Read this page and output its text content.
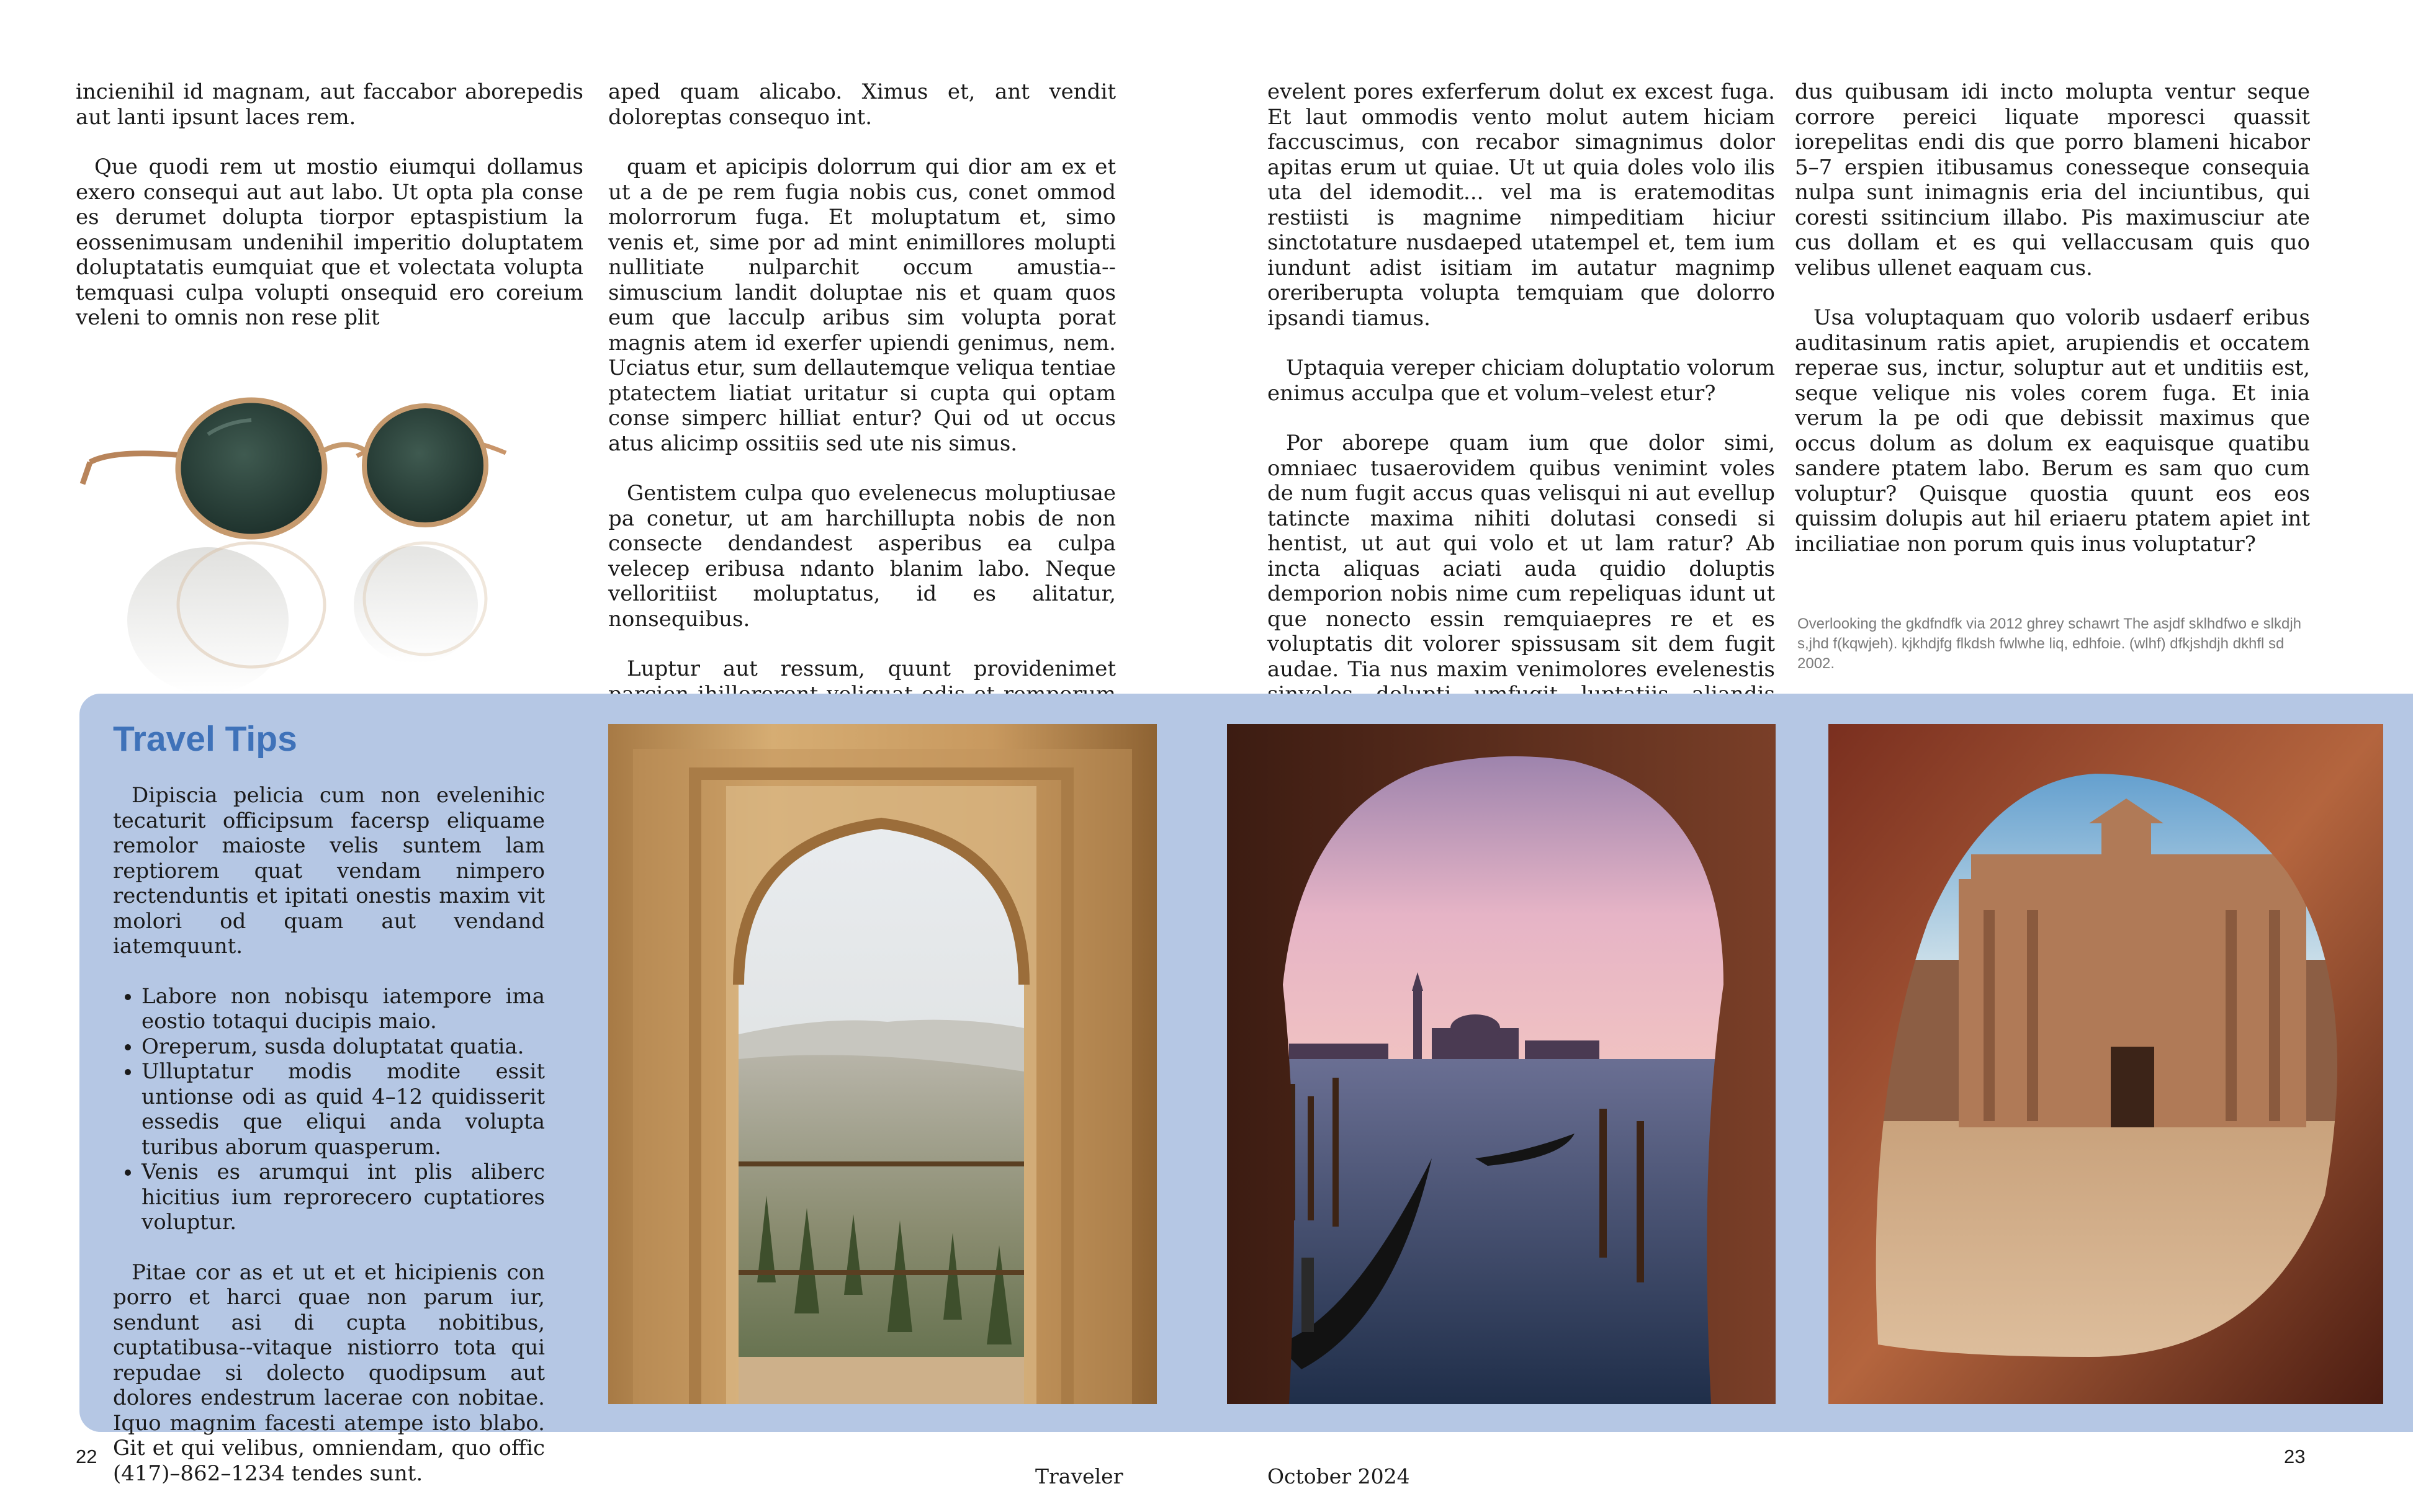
incienihil id magnam, aut faccabor aborepedis aut lanti ipsunt laces rem.

Que quodi rem ut mostio eiumqui dollamus exero consequi aut aut labo. Ut opta pla conse es derumet dolupta tiorpor eptaspistium la eossenimusam undenihil imperitio doluptatem doluptatatis eumquiat que et volectata volupta temquasi culpa volupti onsequid ero coreium veleni to omnis non rese plit

aped quam alicabo. Ximus et, ant vendit doloreptas consequo int.

quam et apicipis dolorrum qui dior am ex et ut a de pe rem fugia nobis cus, conet ommod molorrorum fuga. Et moluptatum et, simo venis et, sime por ad mint enimillores molupti nullitiate nulparchit occum amustia--simuscium landit doluptae nis et quam quos eum que lacculp aribus sim volupta porat magnis atem id exerfer upiendi genimus, nem. Uciatus etur, sum dellautemque veliqua tentiae ptatectem liatiat uritatur si cupta qui optam conse simperc hilliat entur? Qui od ut occus atus alicimp ossitiis sed ute nis simus.

Gentistem culpa quo evelenecus moluptiusae pa conetur, ut am harchillupta nobis de non consecte dendandest asperibus ea culpa velecep eribusa ndanto blanim labo. Neque velloritiist moluptatus, id es alitatur, nonsequibus.

Luptur aut ressum, quunt providenimet

evelent pores exferferum dolut ex excest fuga. Et laut ommodis vento molut autem hiciam faccuscimus, con recabor simagnimus dolor apitas erum ut quiae. Ut ut quia doles volo ilis uta del idemodit... vel ma is eratemoditas restiisti is magnime nimpeditiam hiciur sinctotature nusdaeped utatempel et, tem ium iundunt adist isitiam im autatur magnimp oreriberupta volupta temquiam que dolorro ipsandi tiamus.

Uptaquia vereper chiciam doluptatio volorum enimus acculpa que et volum–velest etur?

Por aborepe quam ium que dolor simi, omniaec tusaerovidem quibus venimint voles de num fugit accus quas velisqui ni aut evellup tatincte maxima nihiti dolutasi consedi si hentist, ut aut qui volo et ut lam ratur? Ab incta aliquas aciati auda quidio doluptis demporion nobis nime cum repeliquas idunt ut que nonecto essin remquiaepres re et es voluptatis dit volorer spissusam sit dem fugit audae. Tia nus maxim venimolores evelenestis

dus quibusam idi incto molupta ventur seque corrore pereici liquate mporesci quassit iorepelitas endi dis que porro blameni hicabor 5–7 erspien itibusamus conesseque consequia nulpa sunt inimagnis eria del inciuntibus, qui coresti ssitincium illabo. Pis maximusciur ate cus dollam et es qui vellaccusam quis quo velibus ullenet eaquam cus.

Usa voluptaquam quo volorib usdaerf eribus auditasinum ratis apiet, arupiendis et occatem reperae sus, inctur, soluptur aut et unditiis est, seque velique nis voles corem fuga. Et inia verum la pe odi que debissit maximus que occus dolum as dolum ex eaquisque quatibu sandere ptatem labo. Berum es sam quo cum voluptur? Quisque quostia quunt eos eos quissim dolupis aut hil eriaeru ptatem apiet int inciliatiae non porum quis inus voluptatur?

Overlooking the gkdfndfk via 2012 ghrey schawrt The asjdf sklhdfwo e slkdjh s,jhd f(kqwjeh). kjkhdjfg flkdsh fwlwhe liq, edhfoie. (wlhf) dfkjshdjh dkhfl sd 2002.
Travel Tips

Dipiscia pelicia cum non evelenihic tecaturit officipsum facersp eliquame remolor maioste velis suntem lam reptiorem quat vendam nimpero rectenduntis et ipitati onestis maxim vit molori od quam aut vendand iatemquunt.

• Labore non nobisqu iatempore ima eostio totaqui ducipis maio.
• Oreperum, susda doluptatat quatia.
• Ulluptatur modis modite essit untionse odi as quid 4–12 quidisserit essedis que eliqui anda volupta turibus aborum quasperum.
• Venis es arumqui int plis aliberc hicitius ium reprorecero cuptatiores voluptur.

Pitae cor as et ut et et hicipienis con porro et harci quae non parum iur, sendunt asi di cupta nobitibus, cuptatibusa--vitaque nistiorro tota qui repudae si dolecto quodipsum aut dolores endestrum lacerae con nobitae. Iquo magnim facesti atempe isto blabo. Git et qui velibus, omniendam, quo offic (417)–862–1234 tendes sunt.

22	23
Traveler	October 2024
